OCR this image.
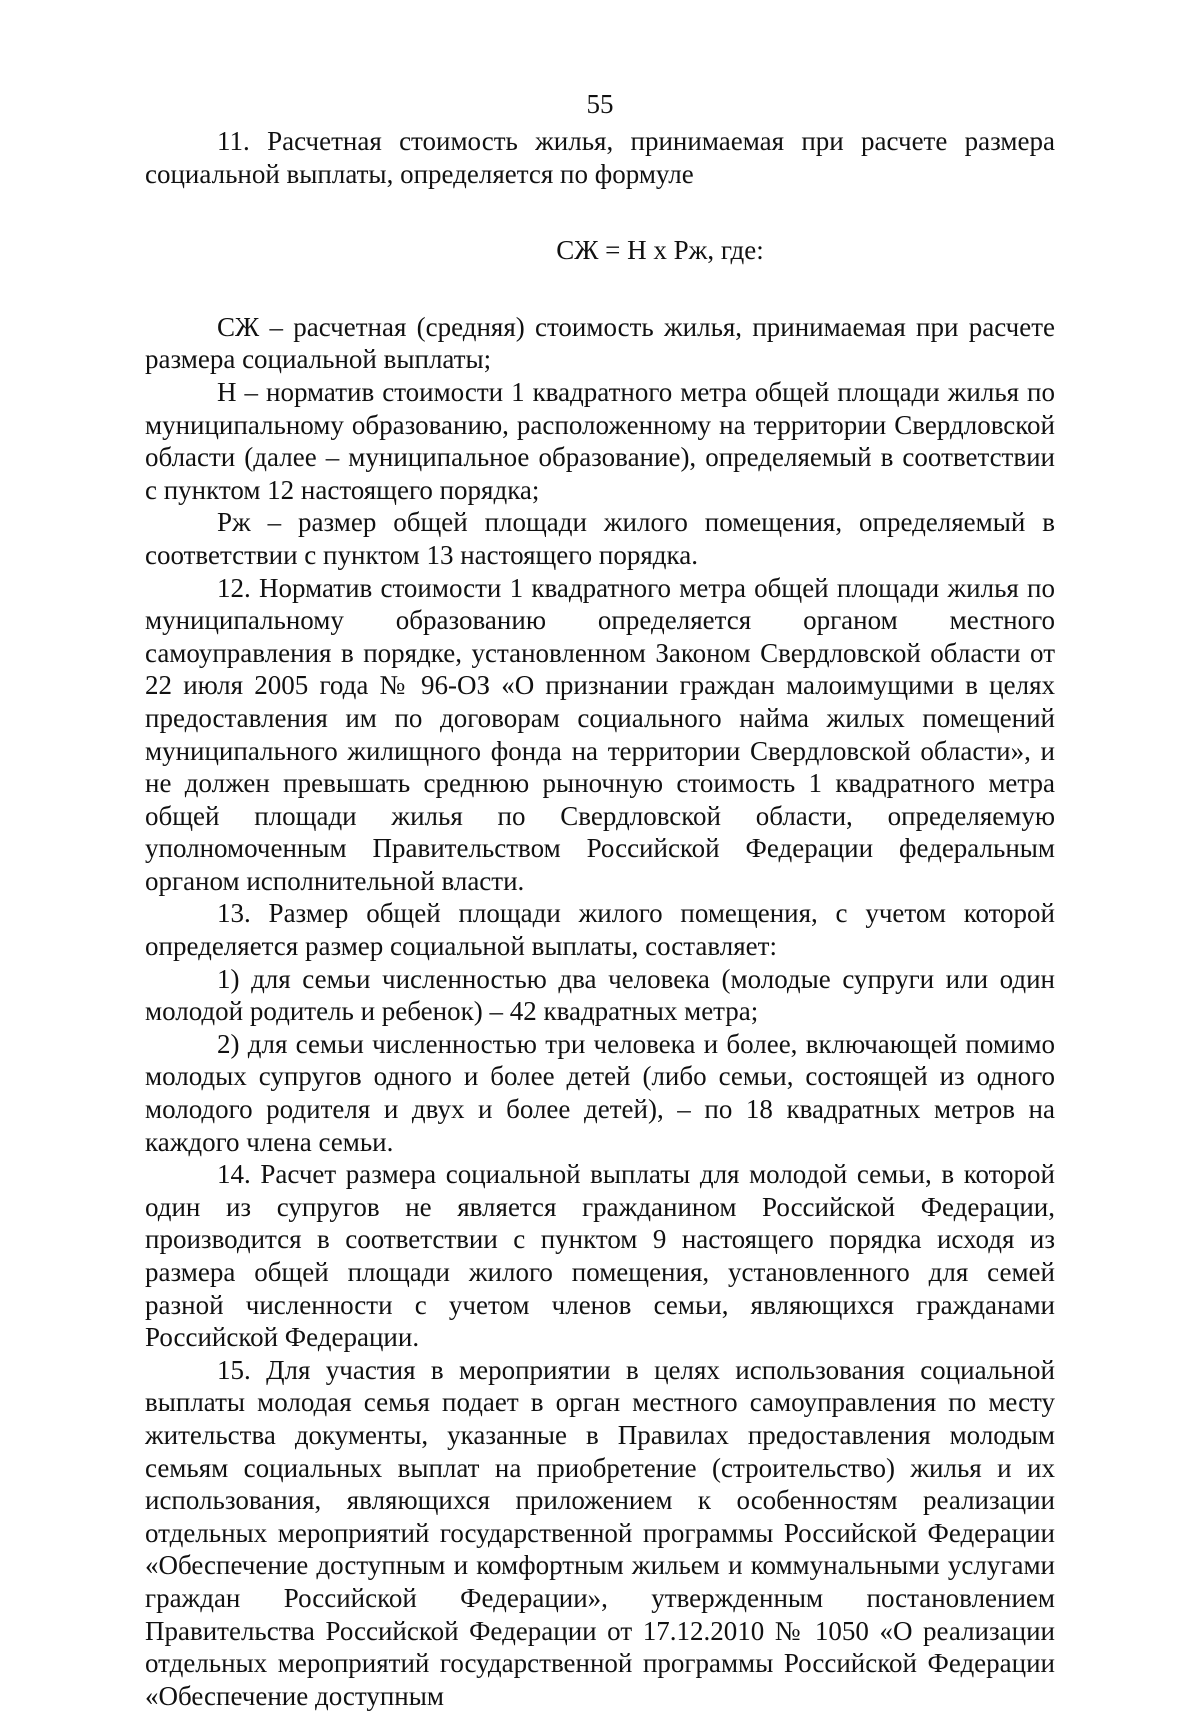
55

11. Расчетная стоимость жилья, принимаемая при расчете размера социальной выплаты, определяется по формуле

СЖ = Н х Рж, где:

СЖ – расчетная (средняя) стоимость жилья, принимаемая при расчете размера социальной выплаты;

Н – норматив стоимости 1 квадратного метра общей площади жилья по муниципальному образованию, расположенному на территории Свердловской области (далее – муниципальное образование), определяемый в соответствии с пунктом 12 настоящего порядка;

Рж – размер общей площади жилого помещения, определяемый в соответствии с пунктом 13 настоящего порядка.

12. Норматив стоимости 1 квадратного метра общей площади жилья по муниципальному образованию определяется органом местного самоуправления в порядке, установленном Законом Свердловской области от 22 июля 2005 года № 96-ОЗ «О признании граждан малоимущими в целях предоставления им по договорам социального найма жилых помещений муниципального жилищного фонда на территории Свердловской области», и не должен превышать среднюю рыночную стоимость 1 квадратного метра общей площади жилья по Свердловской области, определяемую уполномоченным Правительством Российской Федерации федеральным органом исполнительной власти.

13. Размер общей площади жилого помещения, с учетом которой определяется размер социальной выплаты, составляет:

1) для семьи численностью два человека (молодые супруги или один молодой родитель и ребенок) – 42 квадратных метра;

2) для семьи численностью три человека и более, включающей помимо молодых супругов одного и более детей (либо семьи, состоящей из одного молодого родителя и двух и более детей), – по 18 квадратных метров на каждого члена семьи.

14. Расчет размера социальной выплаты для молодой семьи, в которой один из супругов не является гражданином Российской Федерации, производится в соответствии с пунктом 9 настоящего порядка исходя из размера общей площади жилого помещения, установленного для семей разной численности с учетом членов семьи, являющихся гражданами Российской Федерации.

15. Для участия в мероприятии в целях использования социальной выплаты молодая семья подает в орган местного самоуправления по месту жительства документы, указанные в Правилах предоставления молодым семьям социальных выплат на приобретение (строительство) жилья и их использования, являющихся приложением к особенностям реализации отдельных мероприятий государственной программы Российской Федерации «Обеспечение доступным и комфортным жильем и коммунальными услугами граждан Российской Федерации», утвержденным постановлением Правительства Российской Федерации от 17.12.2010 № 1050 «О реализации отдельных мероприятий государственной программы Российской Федерации «Обеспечение доступным
